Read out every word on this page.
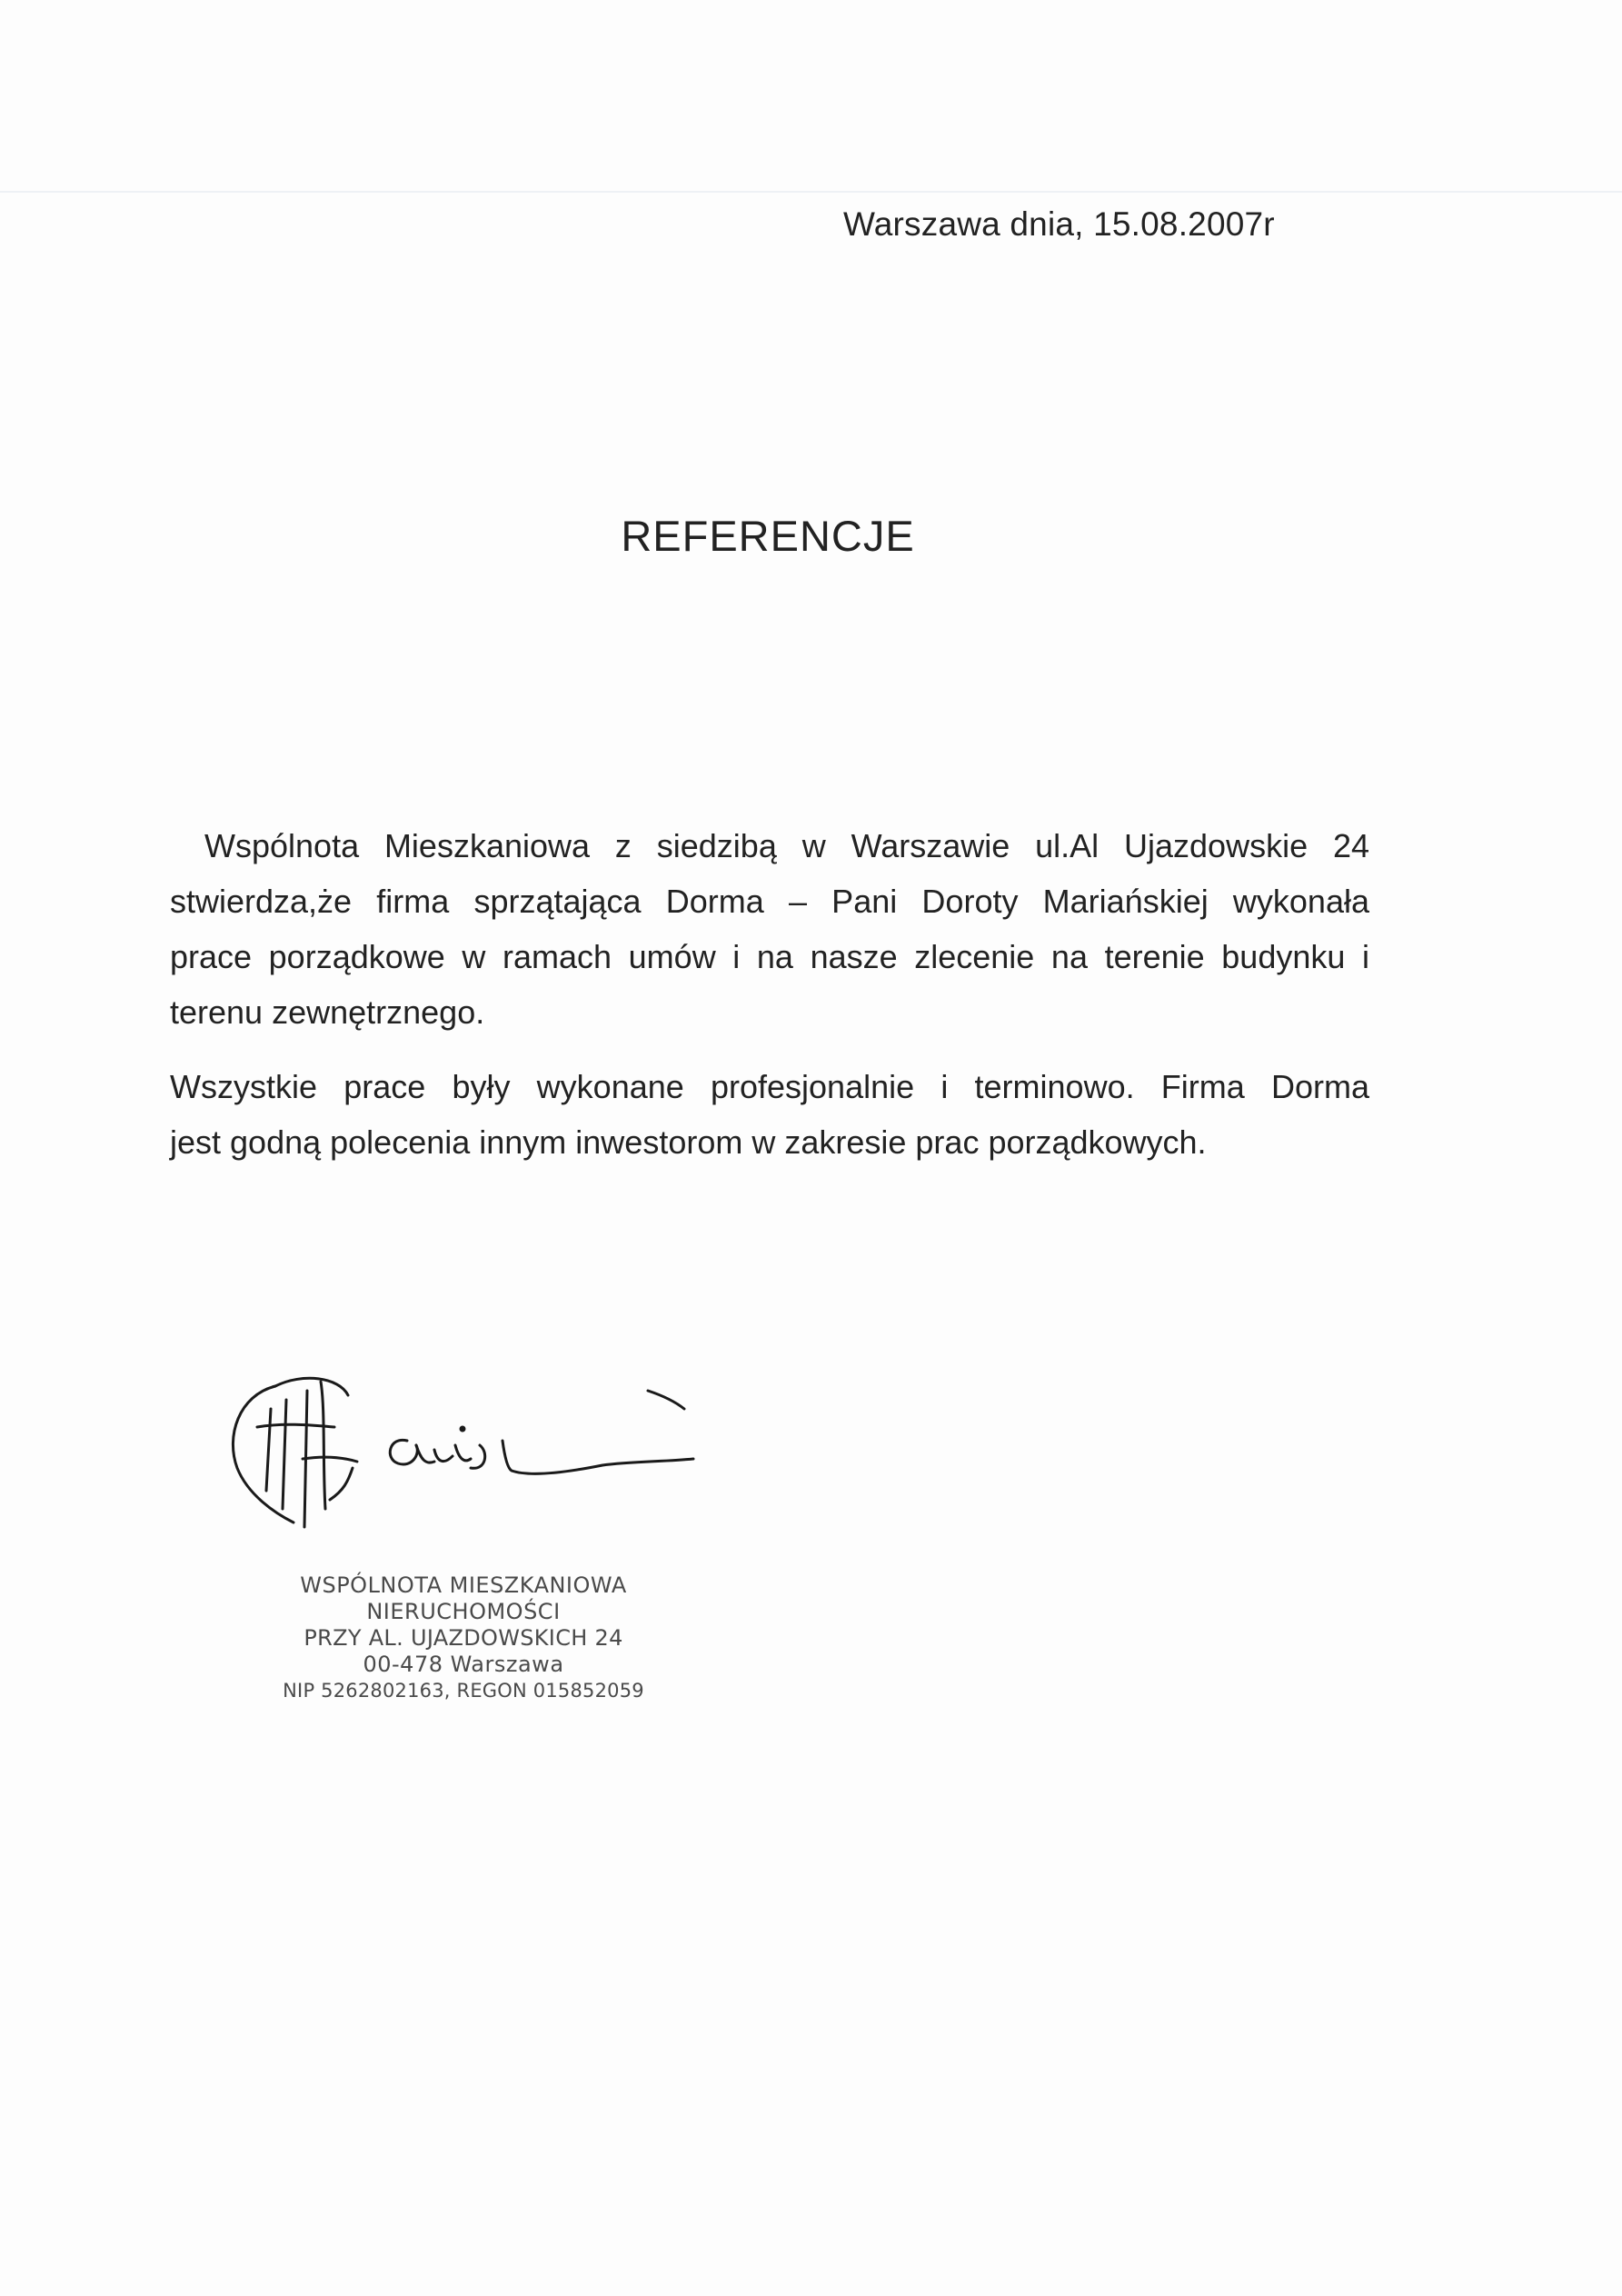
Warszawa dnia, 15.08.2007r
REFERENCJE
Wspólnota Mieszkaniowa z siedzibą w Warszawie ul.Al Ujazdowskie 24
stwierdza,że firma sprzątająca Dorma – Pani Doroty Mariańskiej wykonała
prace porządkowe w ramach umów i na nasze zlecenie na terenie budynku i
terenu zewnętrznego.
Wszystkie prace były wykonane profesjonalnie i terminowo. Firma Dorma
jest godną polecenia innym inwestorom w zakresie prac porządkowych.
WSPÓLNOTA MIESZKANIOWA
NIERUCHOMOŚCI
PRZY AL. UJAZDOWSKICH 24
00-478 Warszawa
NIP 5262802163, REGON 015852059
